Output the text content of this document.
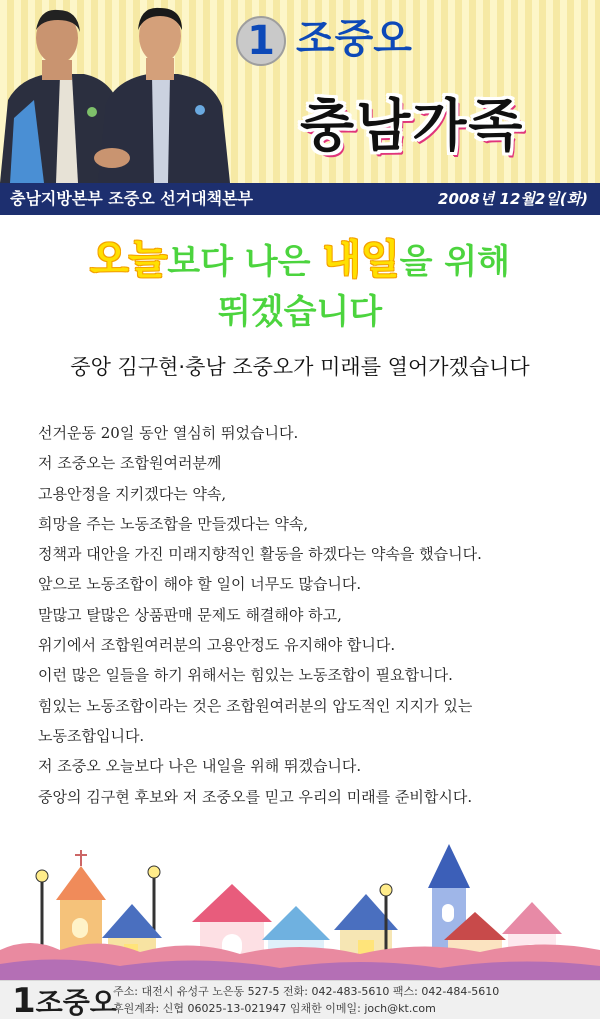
1 조중오
충남가족
충남지방본부 조중오 선거대책본부	2008년 12월2일(화)
오늘보다 나은 내일을 위해
뛰겠습니다
중앙 김구현·충남 조중오가 미래를 열어가겠습니다

선거운동 20일 동안 열심히 뛰었습니다.

저 조중오는 조합원여러분께

고용안정을 지키겠다는 약속,

희망을 주는 노동조합을 만들겠다는 약속,

정책과 대안을 가진 미래지향적인 활동을 하겠다는 약속을 했습니다.

앞으로 노동조합이 해야 할 일이 너무도 많습니다.

말많고 탈많은 상품판매 문제도 해결해야 하고,

위기에서 조합원여러분의 고용안정도 유지해야 합니다.

이런 많은 일들을 하기 위해서는 힘있는 노동조합이 필요합니다.

힘있는 노동조합이라는 것은 조합원여러분의 압도적인 지지가 있는

노동조합입니다.

저 조중오 오늘보다 나은 내일을 위해 뛰겠습니다.

중앙의 김구현 후보와 저 조중오를 믿고 우리의 미래를 준비합시다.

1조중오
주소: 대전시 유성구 노은동 527-5 전화: 042-483-5610 팩스: 042-484-5610
후원계좌: 신협 06025-13-021947 임채한 이메일: joch@kt.com
